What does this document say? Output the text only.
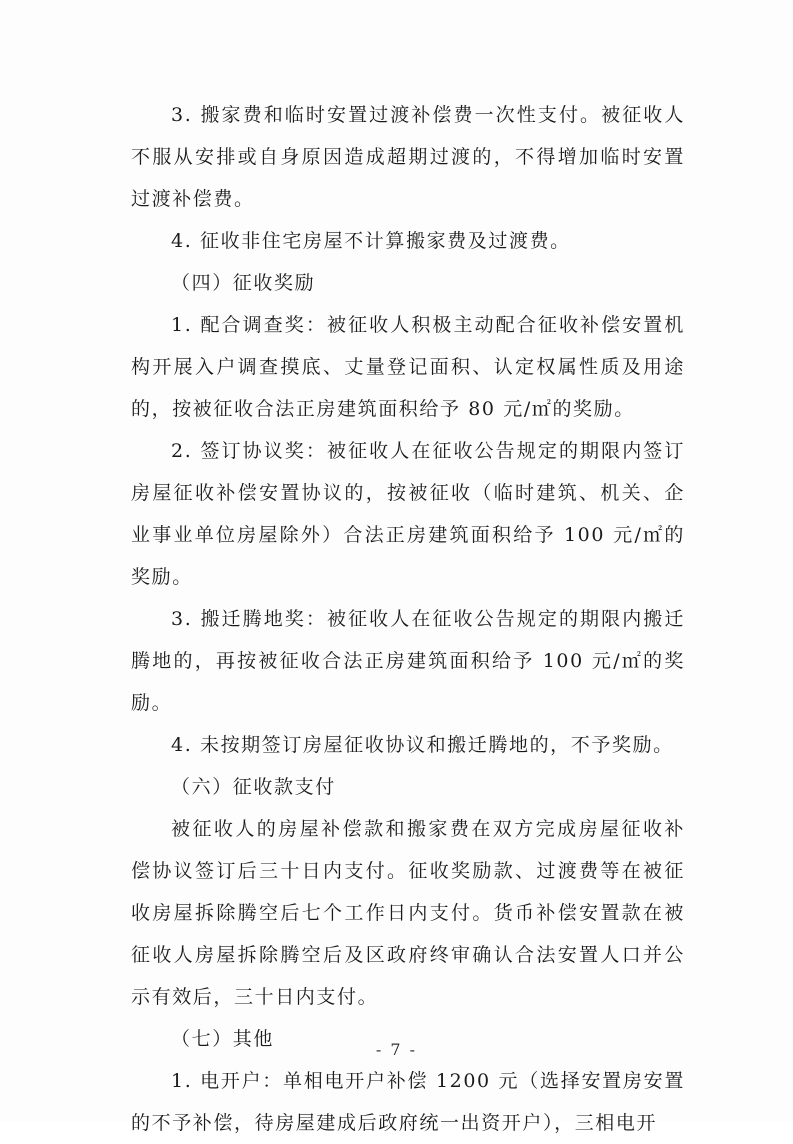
3. 搬家费和临时安置过渡补偿费一次性支付。被征收人不服从安排或自身原因造成超期过渡的，不得增加临时安置过渡补偿费。

4. 征收非住宅房屋不计算搬家费及过渡费。

（四）征收奖励

1. 配合调查奖：被征收人积极主动配合征收补偿安置机构开展入户调查摸底、丈量登记面积、认定权属性质及用途的，按被征收合法正房建筑面积给予 80 元/㎡的奖励。

2. 签订协议奖：被征收人在征收公告规定的期限内签订房屋征收补偿安置协议的，按被征收（临时建筑、机关、企业事业单位房屋除外）合法正房建筑面积给予 100 元/㎡的奖励。

3. 搬迁腾地奖：被征收人在征收公告规定的期限内搬迁腾地的，再按被征收合法正房建筑面积给予 100 元/㎡的奖励。

4. 未按期签订房屋征收协议和搬迁腾地的，不予奖励。

（六）征收款支付

被征收人的房屋补偿款和搬家费在双方完成房屋征收补偿协议签订后三十日内支付。征收奖励款、过渡费等在被征收房屋拆除腾空后七个工作日内支付。货币补偿安置款在被征收人房屋拆除腾空后及区政府终审确认合法安置人口并公示有效后，三十日内支付。

（七）其他

1. 电开户：单相电开户补偿 1200 元（选择安置房安置的不予补偿，待房屋建成后政府统一出资开户），三相电开

- 7 -
